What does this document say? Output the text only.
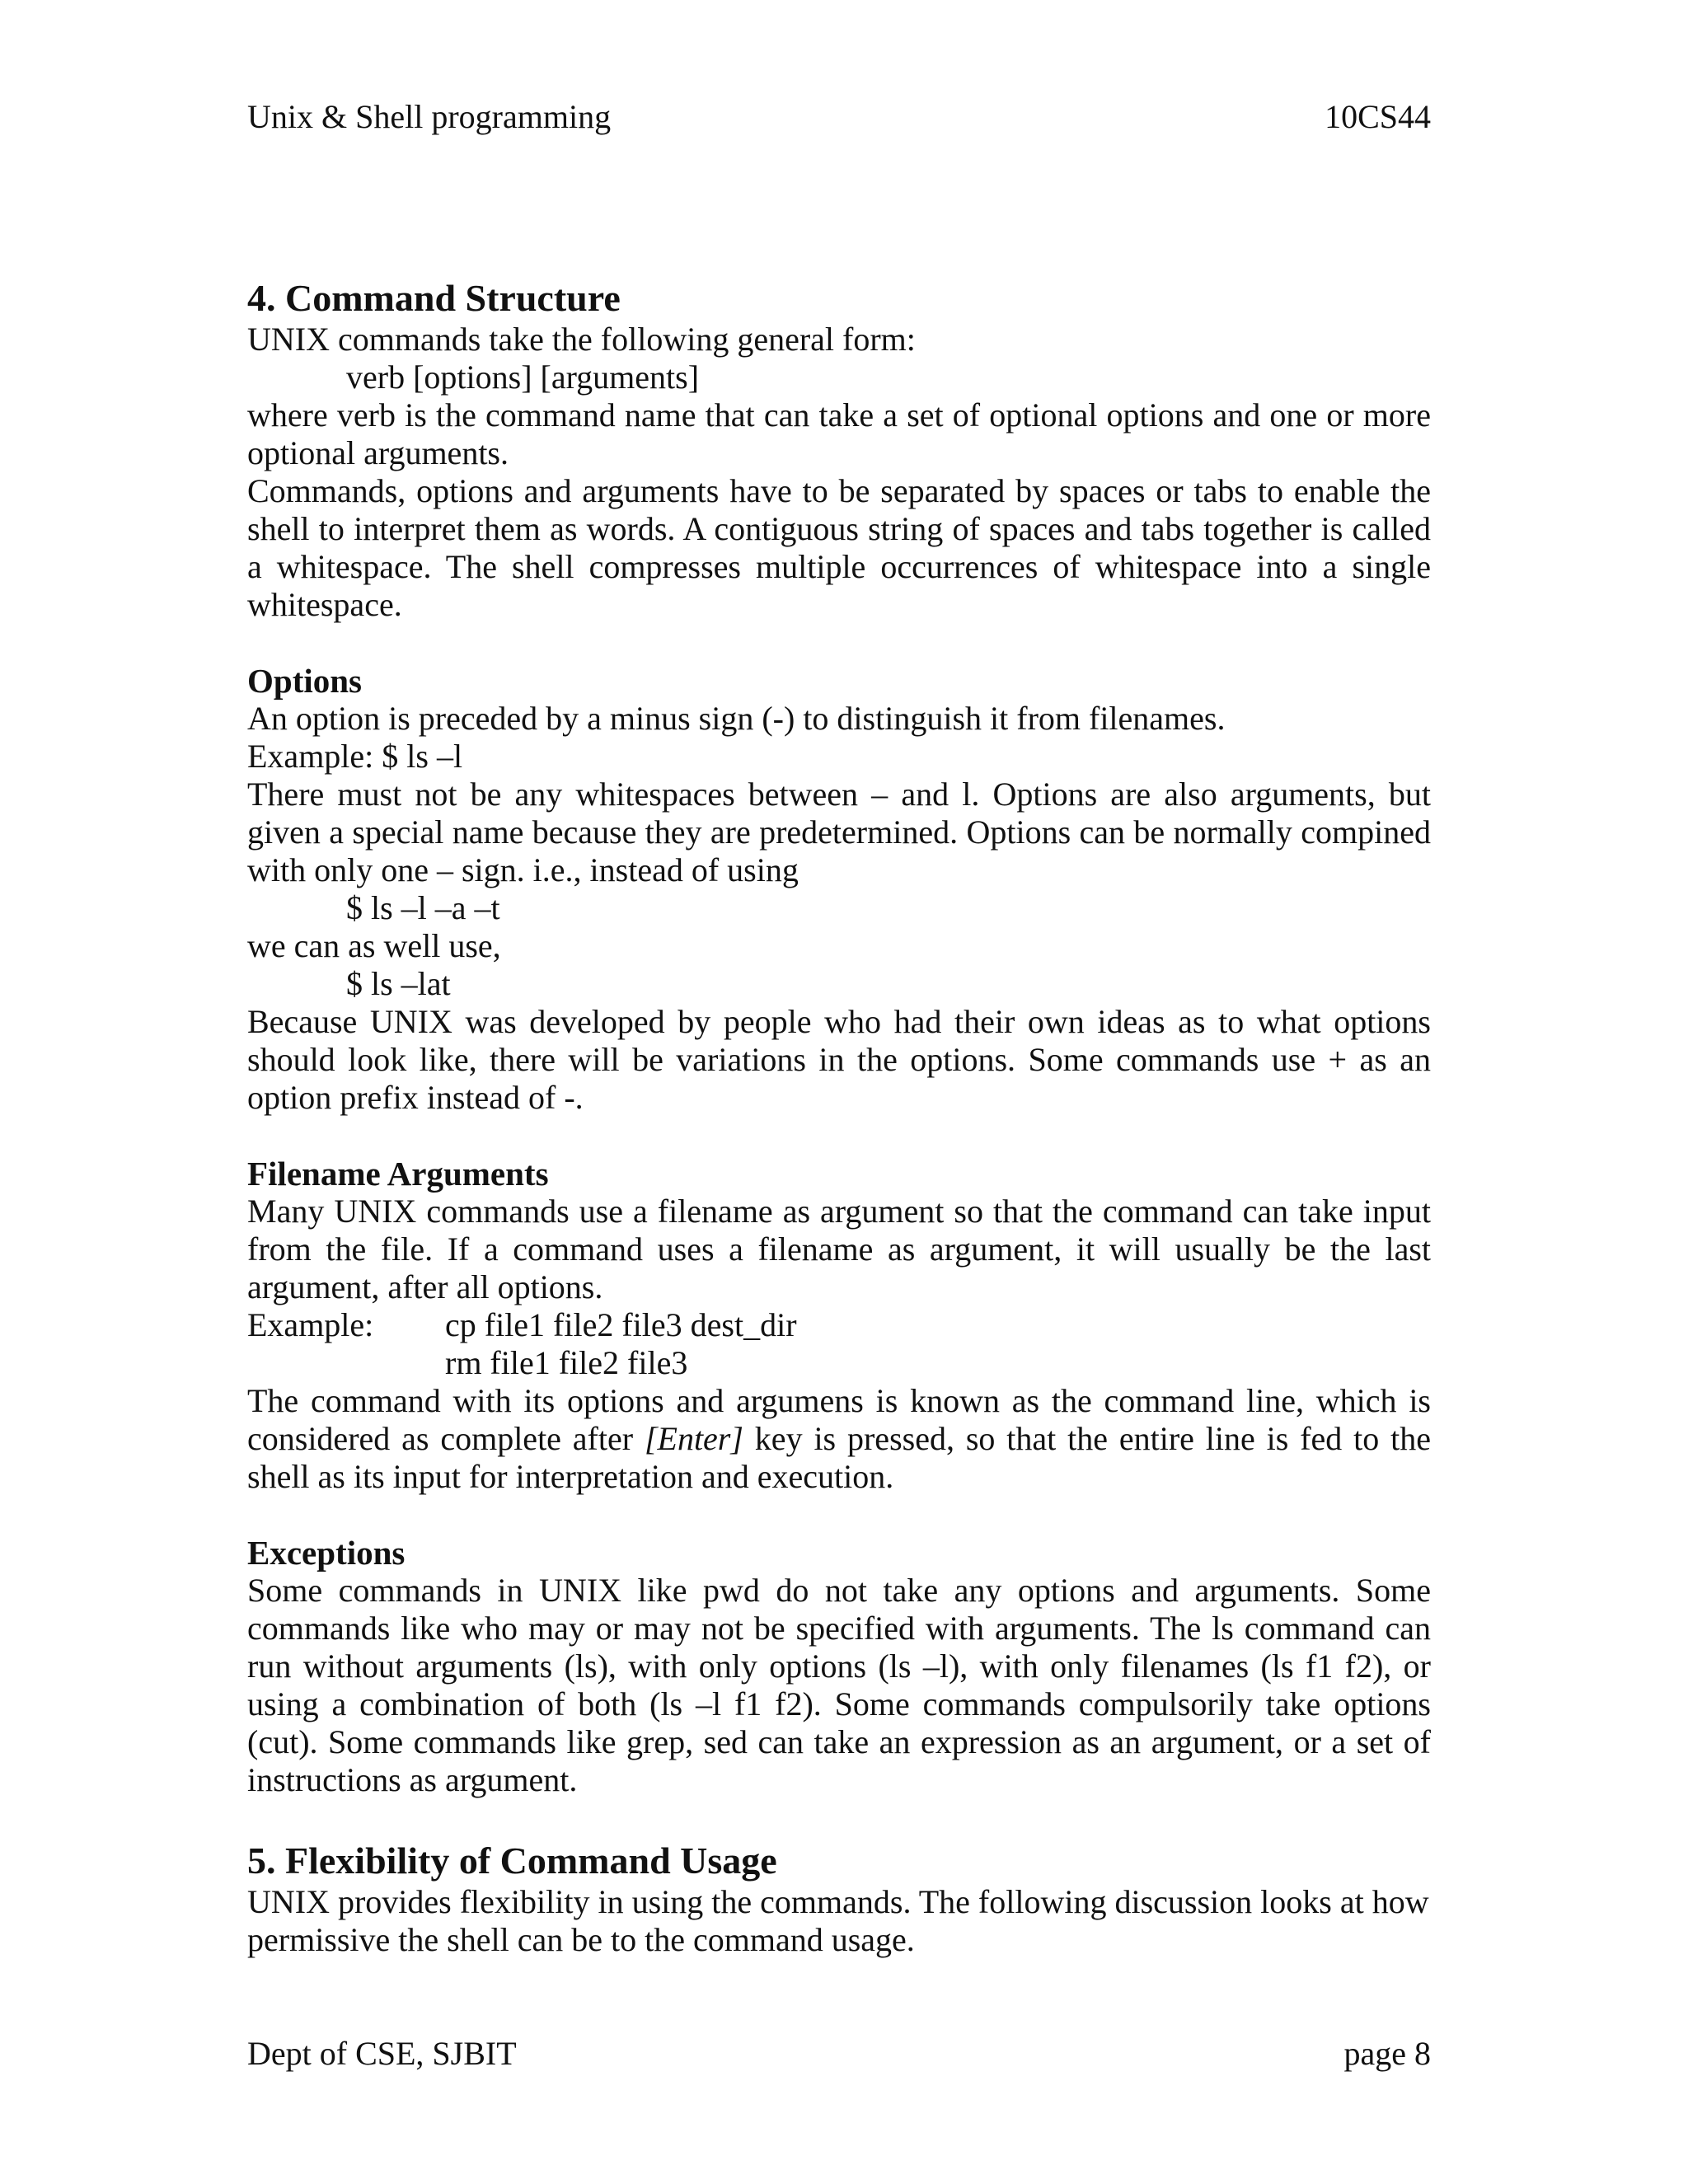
Unix & Shell programming	10CS44
4. Command Structure

UNIX commands take the following general form:

verb [options] [arguments]

where verb is the command name that can take a set of optional options and one or more optional arguments.

Commands, options and arguments have to be separated by spaces or tabs to enable the shell to interpret them as words. A contiguous string of spaces and tabs together is called a whitespace. The shell compresses multiple occurrences of whitespace into a single whitespace.

Options

An option is preceded by a minus sign (-) to distinguish it from filenames.

Example: $ ls –l

There must not be any whitespaces between – and l. Options are also arguments, but given a special name because they are predetermined. Options can be normally compined with only one – sign. i.e., instead of using

$ ls –l –a –t

we can as well use,

$ ls –lat

Because UNIX was developed by people who had their own ideas as to what options should look like, there will be variations in the options. Some commands use + as an option prefix instead of -.

Filename Arguments

Many UNIX commands use a filename as argument so that the command can take input from the file. If a command uses a filename as argument, it will usually be the last argument, after all options.

Example:	cp file1 file2 file3 dest_dir
rm file1 file2 file3

The command with its options and argumens is known as the command line, which is considered as complete after [Enter] key is pressed, so that the entire line is fed to the shell as its input for interpretation and execution.

Exceptions

Some commands in UNIX like pwd do not take any options and arguments. Some commands like who may or may not be specified with arguments. The ls command can run without arguments (ls), with only options (ls –l), with only filenames (ls f1 f2), or using a combination of both (ls –l f1 f2). Some commands compulsorily take options (cut). Some commands like grep, sed can take an expression as an argument, or a set of instructions as argument.

5. Flexibility of Command Usage

UNIX provides flexibility in using the commands. The following discussion looks at how permissive the shell can be to the command usage.

Dept of CSE, SJBIT	page 8
